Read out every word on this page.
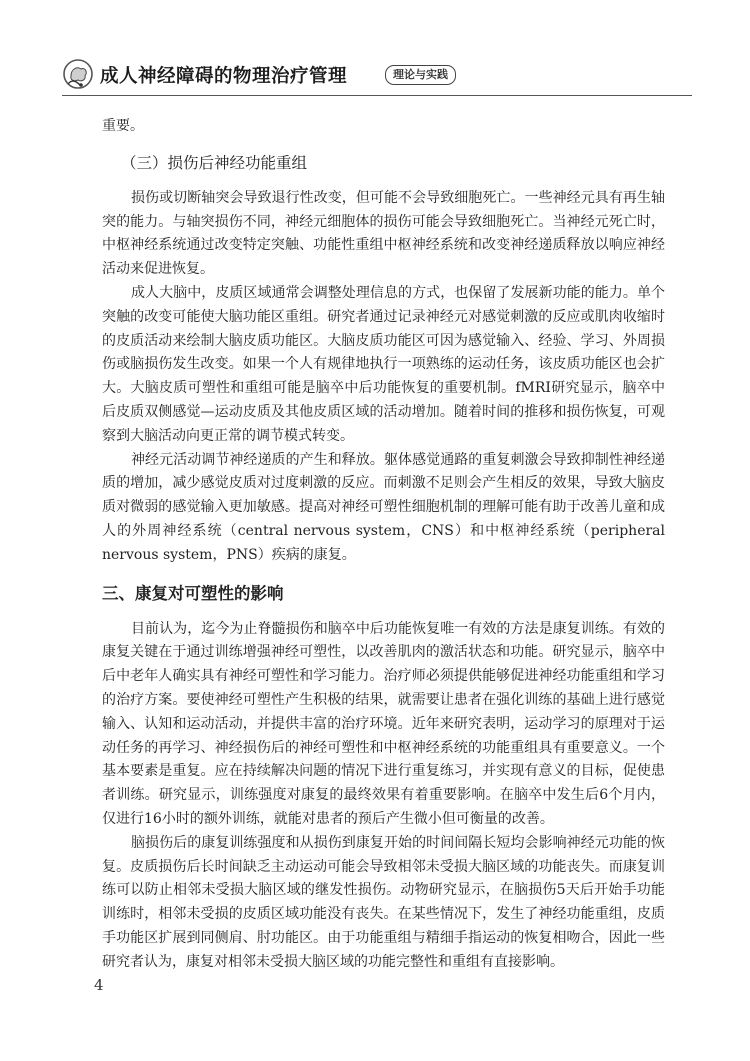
成人神经障碍的物理治疗管理	理论与实践

重要。

（三）损伤后神经功能重组

损伤或切断轴突会导致退行性改变，但可能不会导致细胞死亡。一些神经元具有再生轴突的能力。与轴突损伤不同，神经元细胞体的损伤可能会导致细胞死亡。当神经元死亡时，中枢神经系统通过改变特定突触、功能性重组中枢神经系统和改变神经递质释放以响应神经活动来促进恢复。

成人大脑中，皮质区域通常会调整处理信息的方式，也保留了发展新功能的能力。单个突触的改变可能使大脑功能区重组。研究者通过记录神经元对感觉刺激的反应或肌肉收缩时的皮质活动来绘制大脑皮质功能区。大脑皮质功能区可因为感觉输入、经验、学习、外周损伤或脑损伤发生改变。如果一个人有规律地执行一项熟练的运动任务，该皮质功能区也会扩大。大脑皮质可塑性和重组可能是脑卒中后功能恢复的重要机制。fMRI研究显示，脑卒中后皮质双侧感觉—运动皮质及其他皮质区域的活动增加。随着时间的推移和损伤恢复，可观察到大脑活动向更正常的调节模式转变。

神经元活动调节神经递质的产生和释放。躯体感觉通路的重复刺激会导致抑制性神经递质的增加，减少感觉皮质对过度刺激的反应。而刺激不足则会产生相反的效果，导致大脑皮质对微弱的感觉输入更加敏感。提高对神经可塑性细胞机制的理解可能有助于改善儿童和成人的外周神经系统（central nervous system，CNS）和中枢神经系统（peripheral nervous system，PNS）疾病的康复。

三、康复对可塑性的影响

目前认为，迄今为止脊髓损伤和脑卒中后功能恢复唯一有效的方法是康复训练。有效的康复关键在于通过训练增强神经可塑性，以改善肌肉的激活状态和功能。研究显示，脑卒中后中老年人确实具有神经可塑性和学习能力。治疗师必须提供能够促进神经功能重组和学习的治疗方案。要使神经可塑性产生积极的结果，就需要让患者在强化训练的基础上进行感觉输入、认知和运动活动，并提供丰富的治疗环境。近年来研究表明，运动学习的原理对于运动任务的再学习、神经损伤后的神经可塑性和中枢神经系统的功能重组具有重要意义。一个基本要素是重复。应在持续解决问题的情况下进行重复练习，并实现有意义的目标，促使患者训练。研究显示，训练强度对康复的最终效果有着重要影响。在脑卒中发生后6个月内，仅进行16小时的额外训练，就能对患者的预后产生微小但可衡量的改善。

脑损伤后的康复训练强度和从损伤到康复开始的时间间隔长短均会影响神经元功能的恢复。皮质损伤后长时间缺乏主动运动可能会导致相邻未受损大脑区域的功能丧失。而康复训练可以防止相邻未受损大脑区域的继发性损伤。动物研究显示，在脑损伤5天后开始手功能训练时，相邻未受损的皮质区域功能没有丧失。在某些情况下，发生了神经功能重组，皮质手功能区扩展到同侧肩、肘功能区。由于功能重组与精细手指运动的恢复相吻合，因此一些研究者认为，康复对相邻未受损大脑区域的功能完整性和重组有直接影响。

4
